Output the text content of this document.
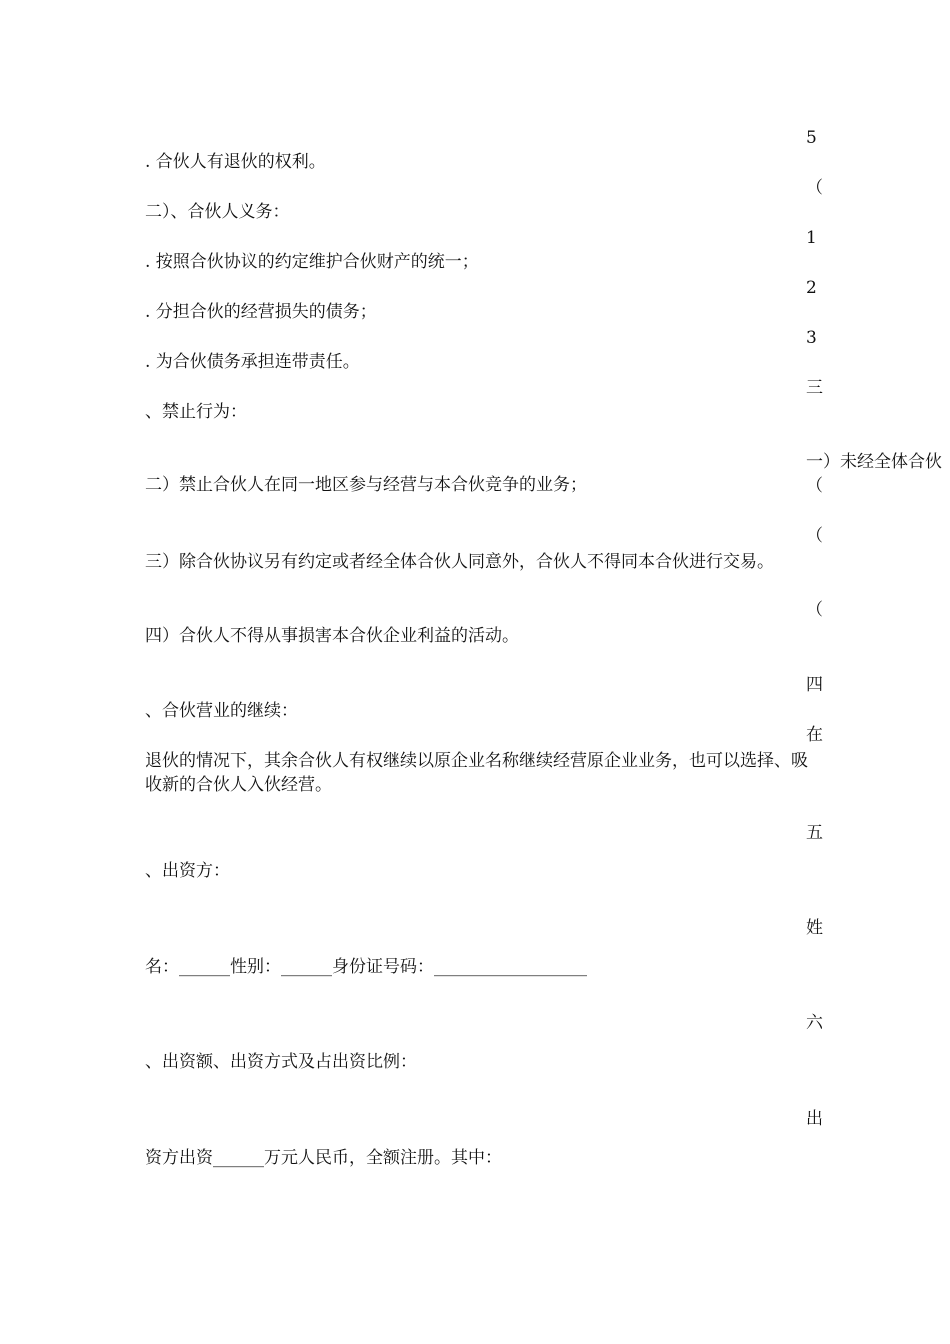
. 合伙人有退伙的权利。
二）、合伙人义务：
. 按照合伙协议的约定维护合伙财产的统一；
. 分担合伙的经营损失的债务；
. 为合伙债务承担连带责任。
、禁止行为：
二）禁止合伙人在同一地区参与经营与本合伙竞争的业务；
三）除合伙协议另有约定或者经全体合伙人同意外，合伙人不得同本合伙进行交易。
四）合伙人不得从事损害本合伙企业利益的活动。
、合伙营业的继续：
退伙的情况下，其余合伙人有权继续以原企业名称继续经营原企业业务，也可以选择、吸收新的合伙人入伙经营。
、出资方：
名：______性别：______身份证号码：__________________
、出资额、出资方式及占出资比例：
资方出资______万元人民币，全额注册。其中：
5
（
1
2
3
三
一）未经全体合伙
（
（
（
四
在
五
姓
六
出
